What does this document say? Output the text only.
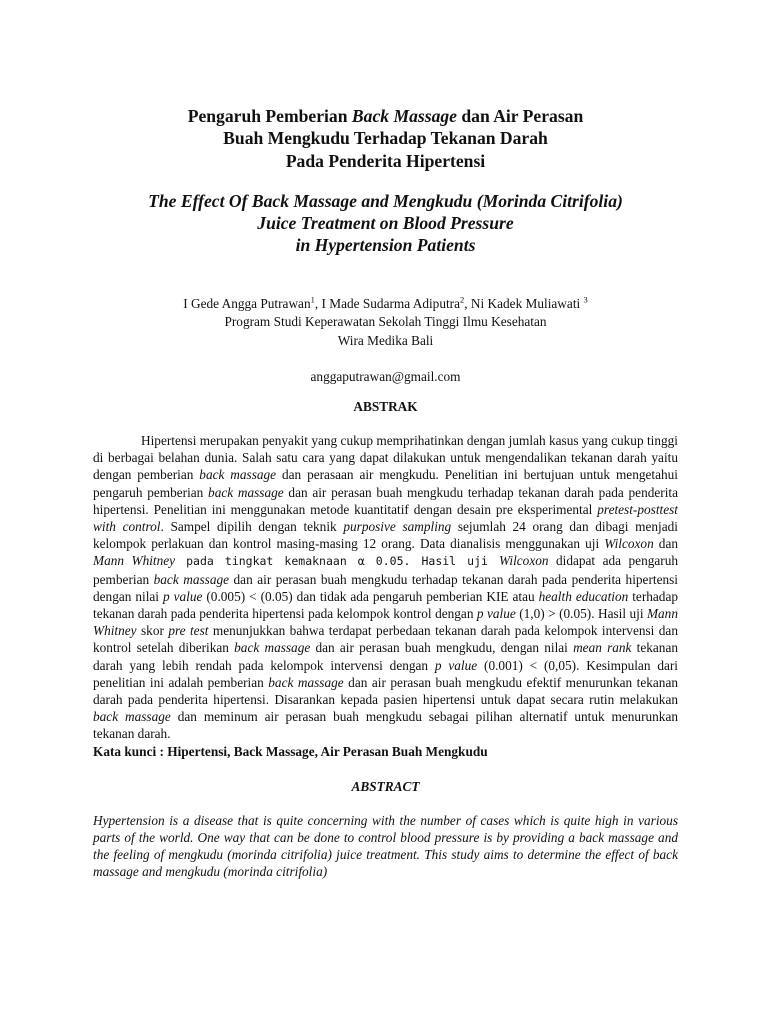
Pengaruh Pemberian Back Massage dan Air Perasan
Buah Mengkudu Terhadap Tekanan Darah
Pada Penderita Hipertensi
The Effect Of Back Massage and Mengkudu (Morinda Citrifolia)
Juice Treatment on Blood Pressure
in Hypertension Patients
I Gede Angga Putrawan$^1$, I Made Sudarma Adiputra$^2$, Ni Kadek Muliawati $^3$
Program Studi Keperawatan Sekolah Tinggi Ilmu Kesehatan
Wira Medika Bali
anggaputrawan@gmail.com
ABSTRAK
Hipertensi merupakan penyakit yang cukup memprihatinkan dengan jumlah kasus yang cukup tinggi di berbagai belahan dunia. Salah satu cara yang dapat dilakukan untuk mengendalikan tekanan darah yaitu dengan pemberian back massage dan perasaan air mengkudu. Penelitian ini bertujuan untuk mengetahui pengaruh pemberian back massage dan air perasan buah mengkudu terhadap tekanan darah pada penderita hipertensi. Penelitian ini menggunakan metode kuantitatif dengan desain pre eksperimental pretest-posttest with control. Sampel dipilih dengan teknik purposive sampling sejumlah 24 orang dan dibagi menjadi kelompok perlakuan dan kontrol masing-masing 12 orang. Data dianalisis menggunakan uji Wilcoxon dan Mann Whitney pada tingkat kemaknaan α 0.05. Hasil uji Wilcoxon didapat ada pengaruh pemberian back massage dan air perasan buah mengkudu terhadap tekanan darah pada penderita hipertensi dengan nilai p value (0.005) < (0.05) dan tidak ada pengaruh pemberian KIE atau health education terhadap tekanan darah pada penderita hipertensi pada kelompok kontrol dengan p value (1,0) > (0.05). Hasil uji Mann Whitney skor pre test menunjukkan bahwa terdapat perbedaan tekanan darah pada kelompok intervensi dan kontrol setelah diberikan back massage dan air perasan buah mengkudu, dengan nilai mean rank tekanan darah yang lebih rendah pada kelompok intervensi dengan p value (0.001) < (0,05). Kesimpulan dari penelitian ini adalah pemberian back massage dan air perasan buah mengkudu efektif menurunkan tekanan darah pada penderita hipertensi. Disarankan kepada pasien hipertensi untuk dapat secara rutin melakukan back massage dan meminum air perasan buah mengkudu sebagai pilihan alternatif untuk menurunkan tekanan darah.
Kata kunci : Hipertensi, Back Massage, Air Perasan Buah Mengkudu
ABSTRACT
Hypertension is a disease that is quite concerning with the number of cases which is quite high in various parts of the world. One way that can be done to control blood pressure is by providing a back massage and the feeling of mengkudu (morinda citrifolia) juice treatment. This study aims to determine the effect of back massage and mengkudu (morinda citrifolia)
